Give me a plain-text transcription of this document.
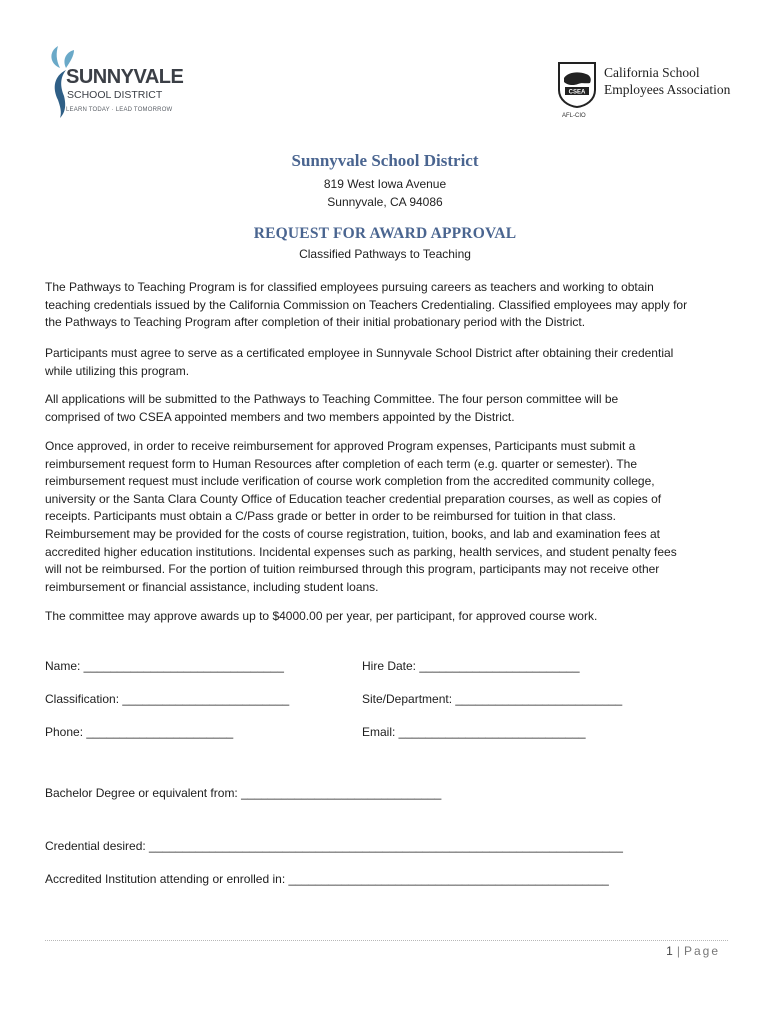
SUNNYVALE
SCHOOL DISTRICT
LEARN TODAY · LEAD TOMORROW
CSEA
California School
Employees Association
AFL-CIO
Sunnyvale School District
819 West Iowa Avenue
Sunnyvale, CA 94086
REQUEST FOR AWARD APPROVAL
Classified Pathways to Teaching
The Pathways to Teaching Program is for classified employees pursuing careers as teachers and working to obtain
teaching credentials issued by the California Commission on Teachers Credentialing. Classified employees may apply for
the Pathways to Teaching Program after completion of their initial probationary period with the District.
Participants must agree to serve as a certificated employee in Sunnyvale School District after obtaining their credential
while utilizing this program.
All applications will be submitted to the Pathways to Teaching Committee. The four person committee will be
comprised of two CSEA appointed members and two members appointed by the District.
Once approved, in order to receive reimbursement for approved Program expenses, Participants must submit a
reimbursement request form to Human Resources after completion of each term (e.g. quarter or semester). The
reimbursement request must include verification of course work completion from the accredited community college,
university or the Santa Clara County Office of Education teacher credential preparation courses, as well as copies of
receipts. Participants must obtain a C/Pass grade or better in order to be reimbursed for tuition in that class.
Reimbursement may be provided for the costs of course registration, tuition, books, and lab and examination fees at
accredited higher education institutions. Incidental expenses such as parking, health services, and student penalty fees
will not be reimbursed. For the portion of tuition reimbursed through this program, participants may not receive other
reimbursement or financial assistance, including student loans.
The committee may approve awards up to $4000.00 per year, per participant, for approved course work.
Name: ______________________________	Hire Date: ________________________
Classification: _________________________	Site/Department: _________________________
Phone: ______________________	Email: ____________________________
Bachelor Degree or equivalent from: ______________________________
Credential desired: _______________________________________________________________________
Accredited Institution attending or enrolled in: ________________________________________________
1 | Page
